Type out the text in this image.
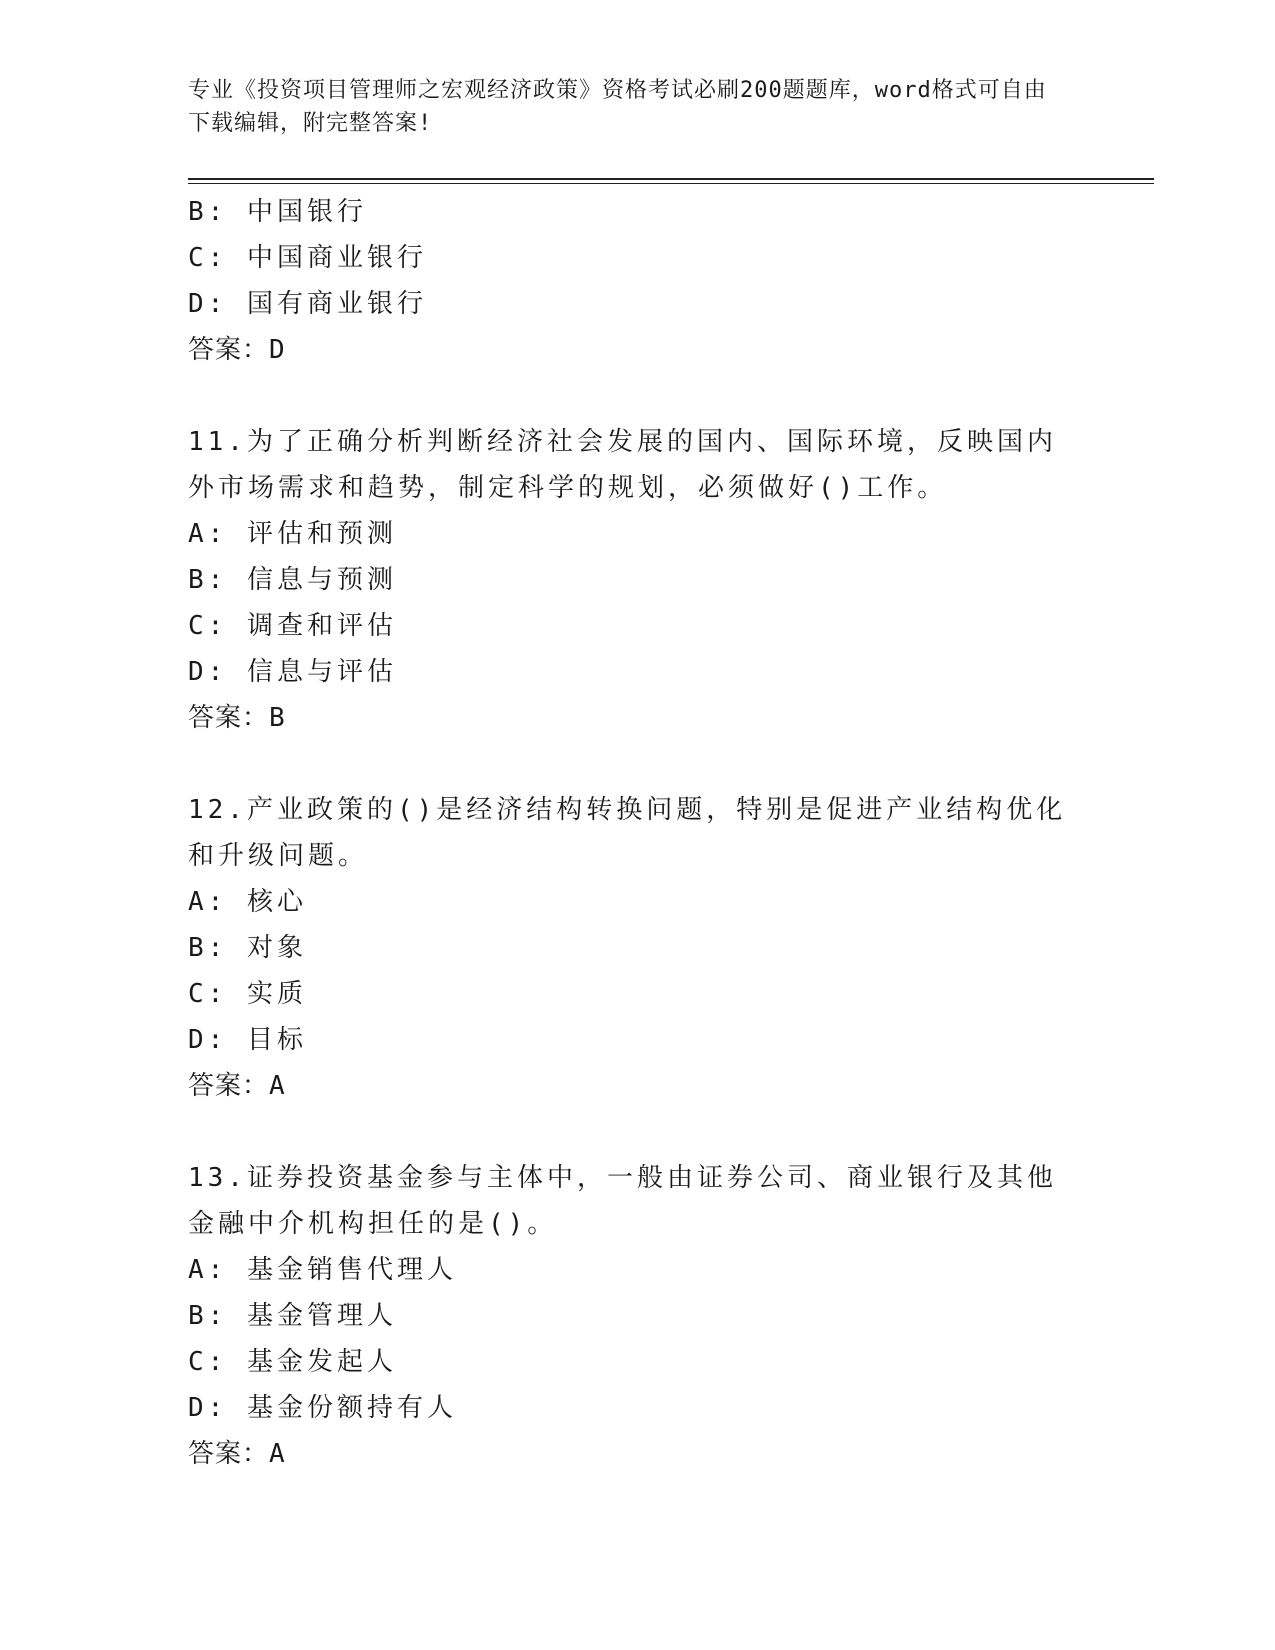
专业《投资项目管理师之宏观经济政策》资格考试必刷200题题库，word格式可自由下载编辑，附完整答案!
B: 中国银行
C: 中国商业银行
D: 国有商业银行
答案：D
11.为了正确分析判断经济社会发展的国内、国际环境，反映国内外市场需求和趋势，制定科学的规划，必须做好()工作。
A: 评估和预测
B: 信息与预测
C: 调查和评估
D: 信息与评估
答案：B
12.产业政策的()是经济结构转换问题，特别是促进产业结构优化和升级问题。
A: 核心
B: 对象
C: 实质
D: 目标
答案：A
13.证券投资基金参与主体中，一般由证券公司、商业银行及其他金融中介机构担任的是()。
A: 基金销售代理人
B: 基金管理人
C: 基金发起人
D: 基金份额持有人
答案：A
